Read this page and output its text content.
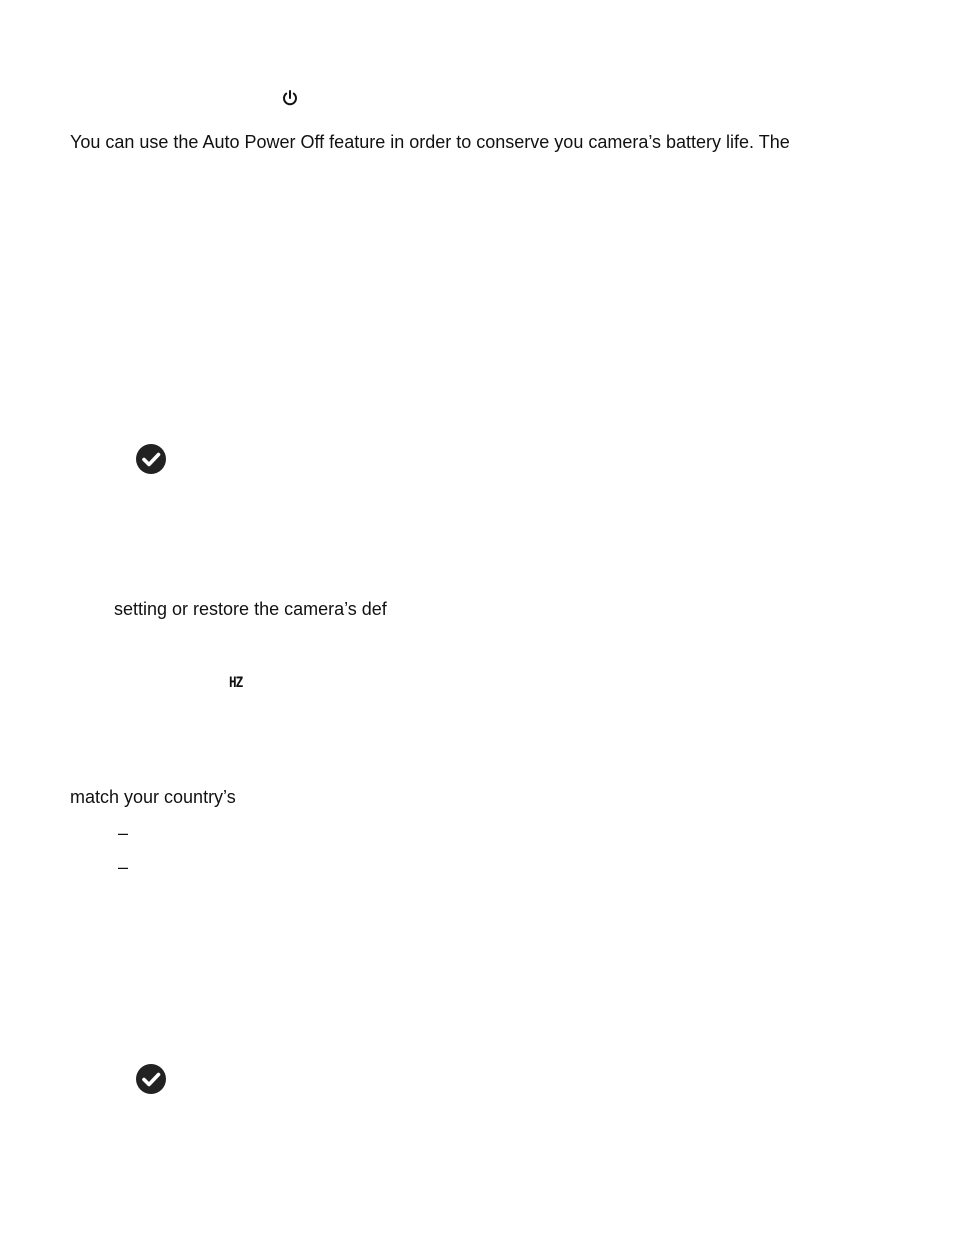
You can use the Auto Power Off feature in order to conserve you camera’s battery life. The
setting or restore the camera’s def
HZ
match your country’s
–
–
